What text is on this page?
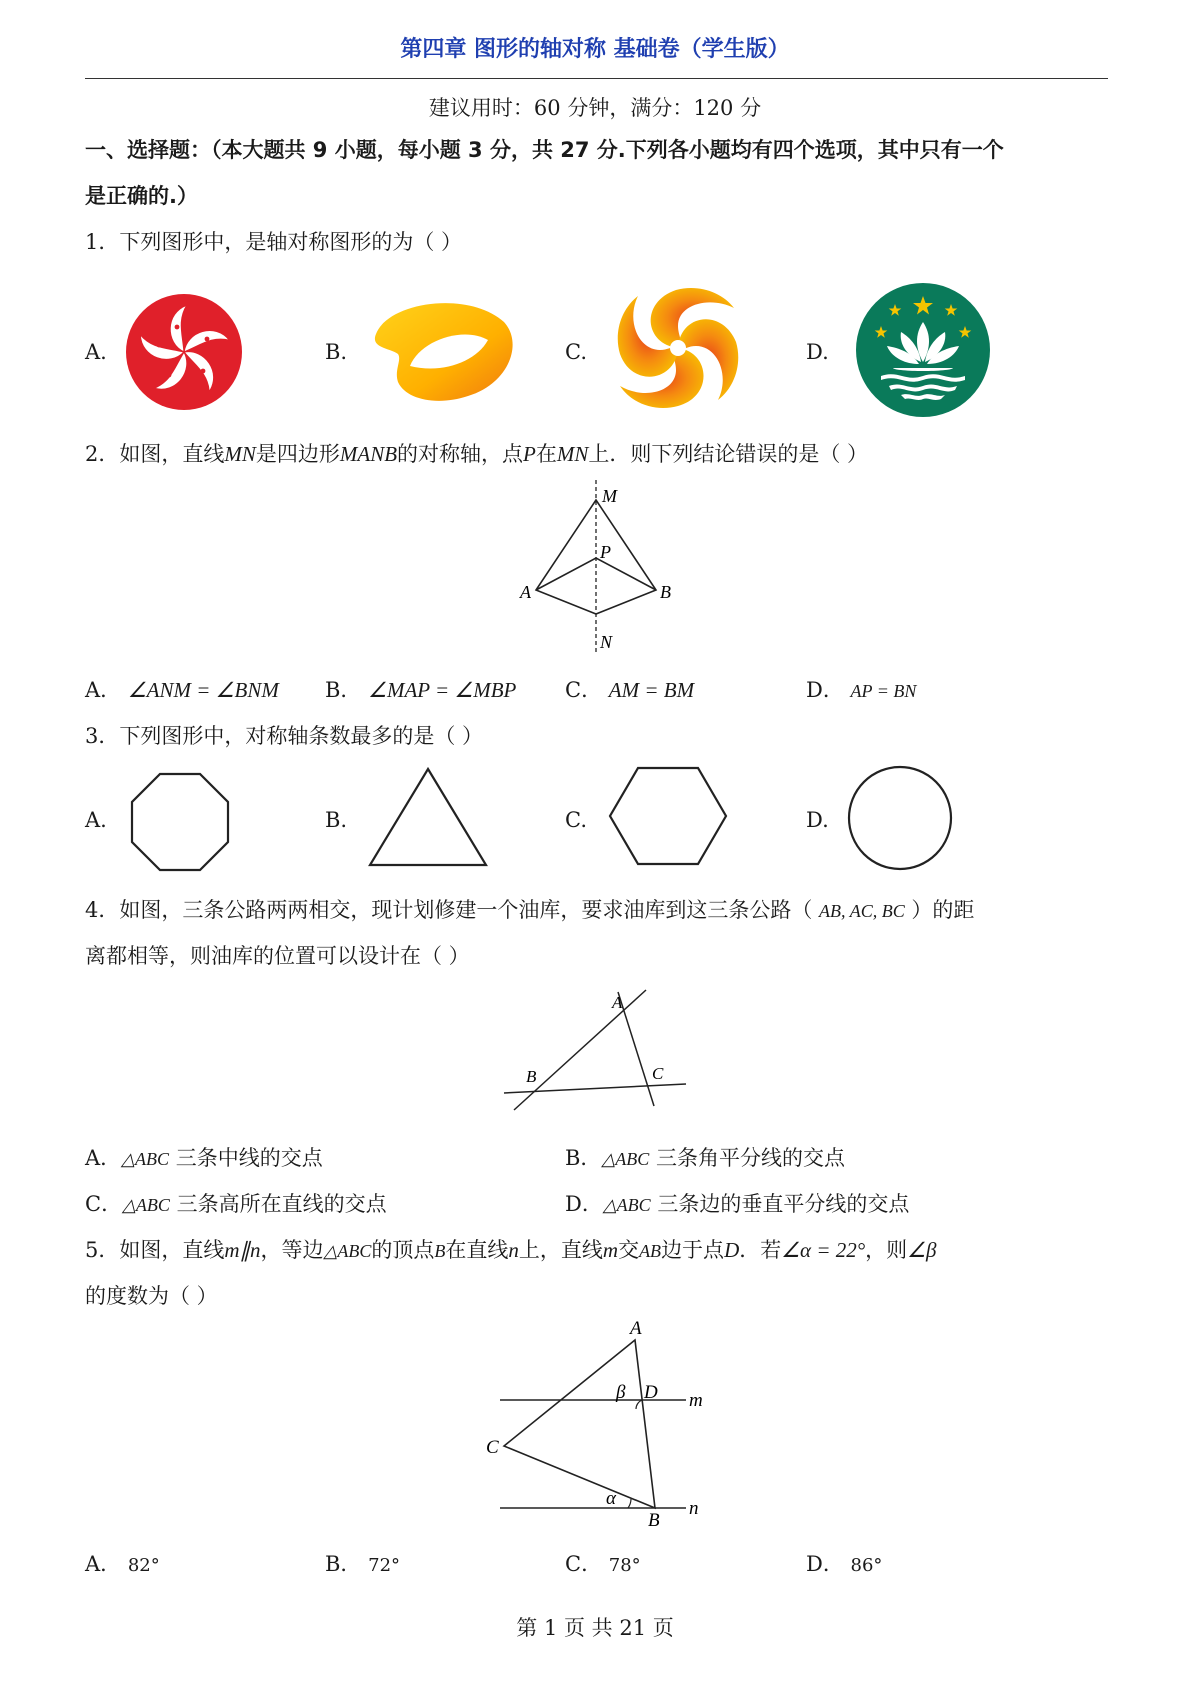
第四章 图形的轴对称 基础卷（学生版）
建议用时：60 分钟，满分：120 分
一、选择题：（本大题共 9 小题，每小题 3 分，共 27 分.下列各小题均有四个选项，其中只有一个
是正确的.）
1．下列图形中，是轴对称图形的为（ ）
A.	B.	C.	D.
2．如图，直线MN是四边形MANB的对称轴，点P在MN上．则下列结论错误的是（ ）
M
P
A	B
N
A． ∠ANM = ∠BNM B． ∠MAP = ∠MBP C． AM = BM	D． AP = BN
3．下列图形中，对称轴条数最多的是（ ）
A.	B.	C.	D.
4．如图，三条公路两两相交，现计划修建一个油库，要求油库到这三条公路（ AB, AC, BC ）的距
离都相等，则油库的位置可以设计在（ ）
A
B	C
A．△ABC 三条中线的交点	B．△ABC 三条角平分线的交点
C．△ABC 三条高所在直线的交点	D．△ABC 三条边的垂直平分线的交点
5．如图，直线m∥n，等边△ABC的顶点B在直线n上，直线m交AB边于点D．若∠α = 22°，则∠β
的度数为（ ）
A
β D m
C
α
B
n
A． 82°	B． 72°	C． 78°	D． 86°
第 1 页 共 21 页
